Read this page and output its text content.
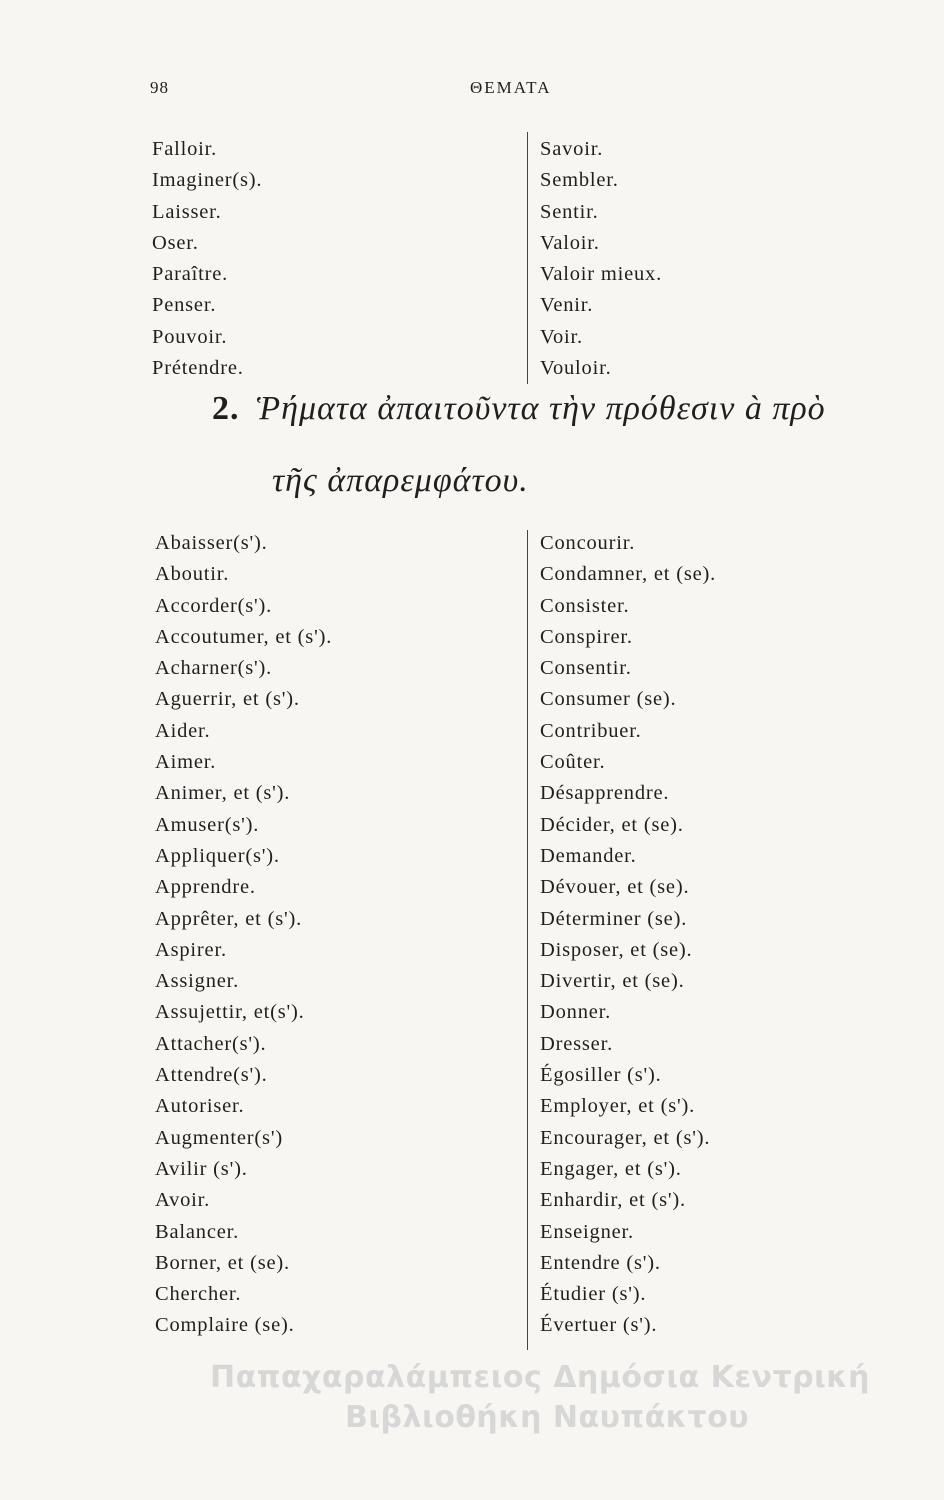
98	ΘΕΜΑΤΑ
Falloir.
Imaginer(s).
Laisser.
Oser.
Paraître.
Penser.
Pouvoir.
Prétendre.
Savoir.
Sembler.
Sentir.
Valoir.
Valoir mieux.
Venir.
Voir.
Vouloir.
2. Ῥήματα ἀπαιτοῦντα τὴν πρόθεσιν à πρὸ
τῆς ἀπαρεμφάτου.
Abaisser(s').
Aboutir.
Accorder(s').
Accoutumer, et (s').
Acharner(s').
Aguerrir, et (s').
Aider.
Aimer.
Animer, et (s').
Amuser(s').
Appliquer(s').
Apprendre.
Apprêter, et (s').
Aspirer.
Assigner.
Assujettir, et(s').
Attacher(s').
Attendre(s').
Autoriser.
Augmenter(s')
Avilir (s').
Avoir.
Balancer.
Borner, et (se).
Chercher.
Complaire (se).
Concourir.
Condamner, et (se).
Consister.
Conspirer.
Consentir.
Consumer (se).
Contribuer.
Coûter.
Désapprendre.
Décider, et (se).
Demander.
Dévouer, et (se).
Déterminer (se).
Disposer, et (se).
Divertir, et (se).
Donner.
Dresser.
Égosiller (s').
Employer, et (s').
Encourager, et (s').
Engager, et (s').
Enhardir, et (s').
Enseigner.
Entendre (s').
Étudier (s').
Évertuer (s').
Παπαχαραλάμπειος Δημόσια Κεντρική
Βιβλιοθήκη Ναυπάκτου
